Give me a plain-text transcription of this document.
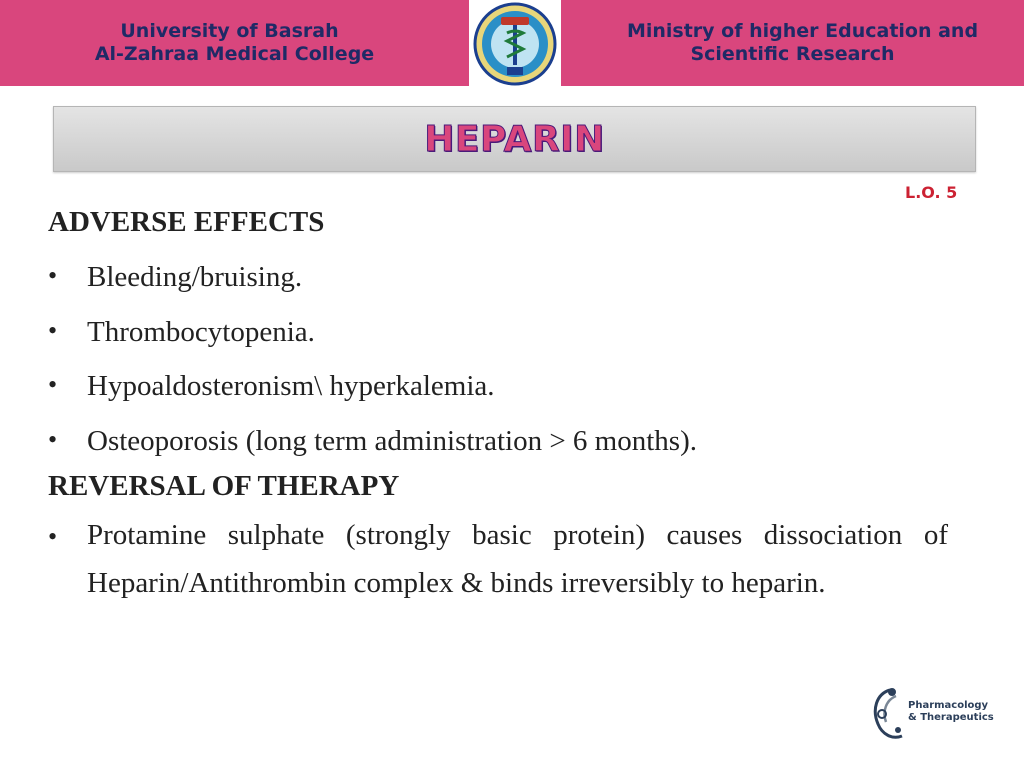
University of Basrah
Al-Zahraa Medical College
Ministry of higher Education and
Scientific Research
HEPARIN
L.O. 5

ADVERSE EFFECTS

• Bleeding/bruising.
• Thrombocytopenia.
• Hypoaldosteronism\ hyperkalemia.
• Osteoporosis (long term administration > 6 months).

REVERSAL OF THERAPY

• Protamine sulphate (strongly basic protein) causes dissociation of Heparin/Antithrombin complex & binds irreversibly to heparin.
Pharmacology
& Therapeutics
